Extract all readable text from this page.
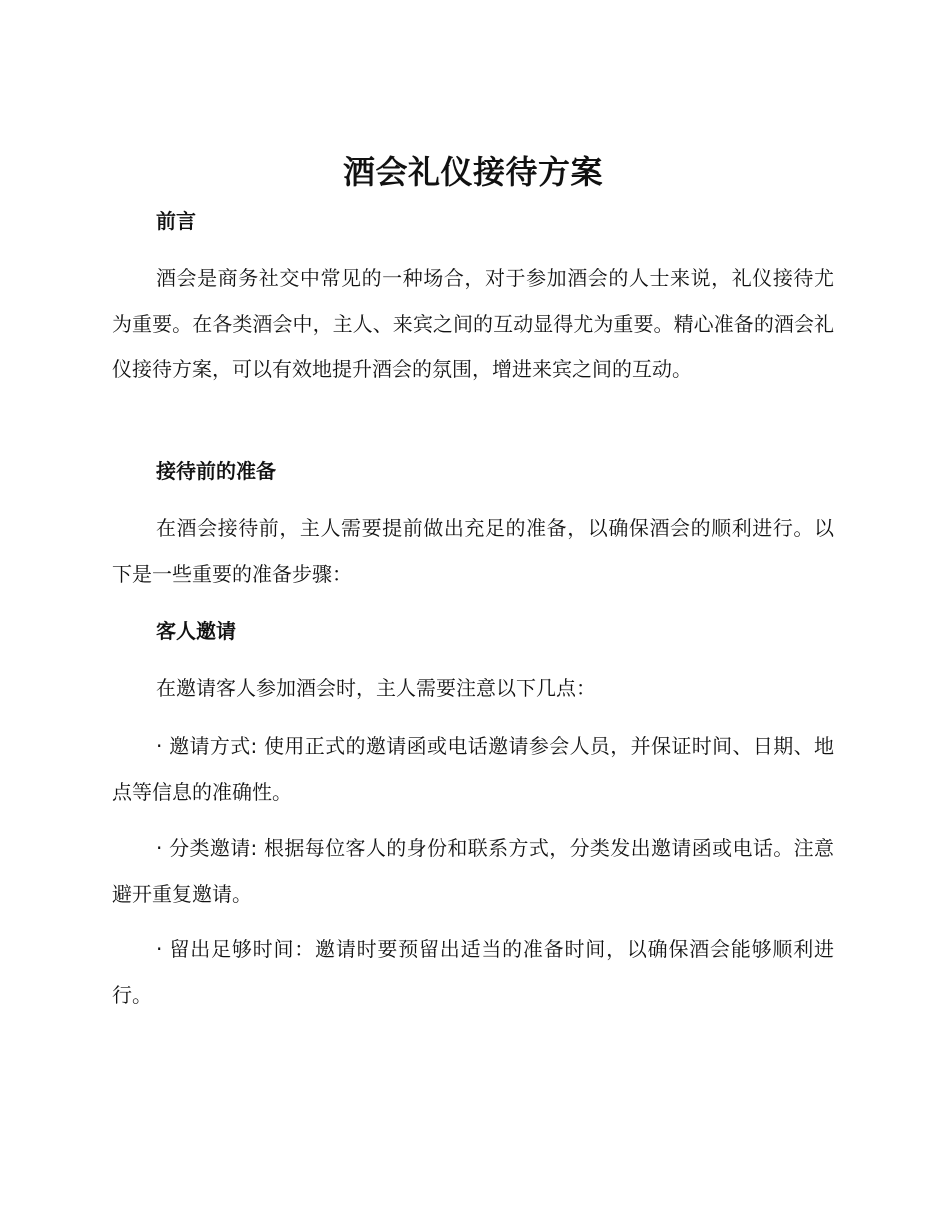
酒会礼仪接待方案
前言

酒会是商务社交中常见的一种场合，对于参加酒会的人士来说，礼仪接待尤为重要。在各类酒会中，主人、来宾之间的互动显得尤为重要。精心准备的酒会礼仪接待方案，可以有效地提升酒会的氛围，增进来宾之间的互动。

接待前的准备

在酒会接待前，主人需要提前做出充足的准备，以确保酒会的顺利进行。以下是一些重要的准备步骤：

客人邀请

在邀请客人参加酒会时，主人需要注意以下几点：

· 邀请方式: 使用正式的邀请函或电话邀请参会人员，并保证时间、日期、地点等信息的准确性。

· 分类邀请: 根据每位客人的身份和联系方式，分类发出邀请函或电话。注意避开重复邀请。

· 留出足够时间：邀请时要预留出适当的准备时间，以确保酒会能够顺利进行。
